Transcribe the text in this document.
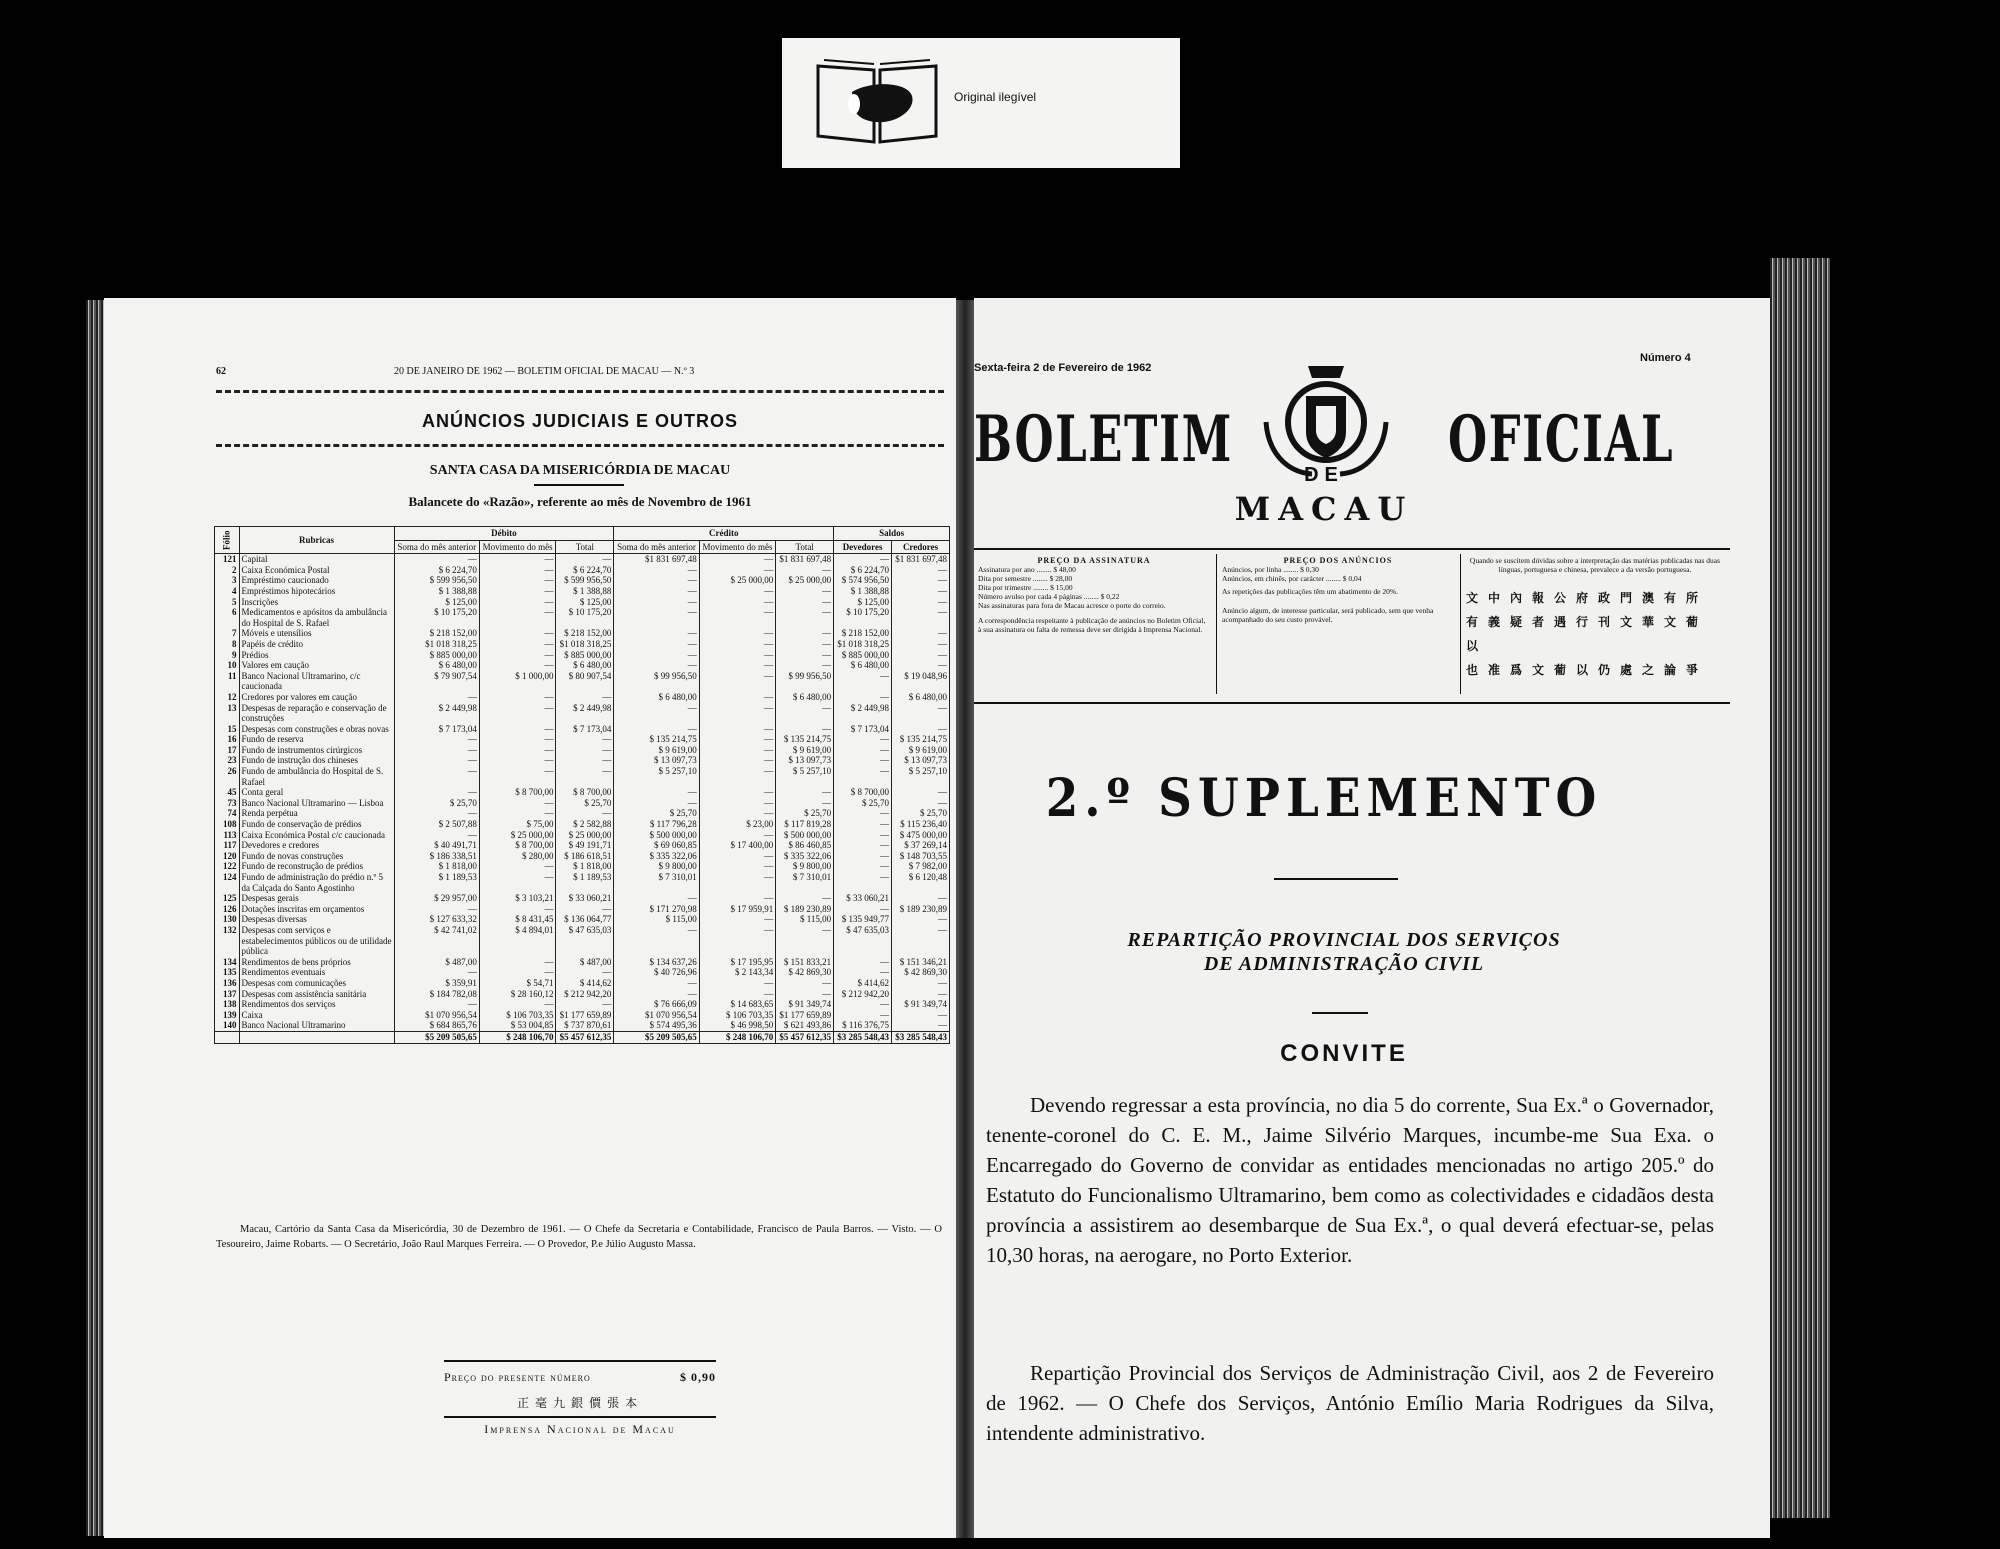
Original ilegível
62	20 DE JANEIRO DE 1962 — BOLETIM OFICIAL DE MACAU — N.º 3
ANÚNCIOS JUDICIAIS E OUTROS
SANTA CASA DA MISERICÓRDIA DE MACAU
Balancete do «Razão», referente ao mês de Novembro de 1961
Fólio	Rubricas	Débito			Crédito			Saldos	
		Soma do mês anterior	Movimento do mês	Total	Soma do mês anterior	Movimento do mês	Total	Devedores	Credores
121	Capital	—	—	—	$1 831 697,48	—	$1 831 697,48	—	$1 831 697,48
2	Caixa Económica Postal	$ 6 224,70	—	$ 6 224,70	—	—	—	$ 6 224,70	—
3	Empréstimo caucionado	$ 599 956,50	—	$ 599 956,50	—	$ 25 000,00	$ 25 000,00	$ 574 956,50	—
4	Empréstimos hipotecários	$ 1 388,88	—	$ 1 388,88	—	—	—	$ 1 388,88	—
5	Inscrições	$ 125,00	—	$ 125,00	—	—	—	$ 125,00	—
6	Medicamentos e apósitos da ambulância do Hospital de S. Rafael	$ 10 175,20	—	$ 10 175,20	—	—	—	$ 10 175,20	—
7	Móveis e utensílios	$ 218 152,00	—	$ 218 152,00	—	—	—	$ 218 152,00	—
8	Papéis de crédito	$1 018 318,25	—	$1 018 318,25	—	—	—	$1 018 318,25	—
9	Prédios	$ 885 000,00	—	$ 885 000,00	—	—	—	$ 885 000,00	—
10	Valores em caução	$ 6 480,00	—	$ 6 480,00	—	—	—	$ 6 480,00	—
11	Banco Nacional Ultramarino, c/c caucionada	$ 79 907,54	$ 1 000,00	$ 80 907,54	$ 99 956,50	—	$ 99 956,50	—	$ 19 048,96
12	Credores por valores em caução	—	—	—	$ 6 480,00	—	$ 6 480,00	—	$ 6 480,00
13	Despesas de reparação e conservação de construções	$ 2 449,98	—	$ 2 449,98	—	—	—	$ 2 449,98	—
15	Despesas com construções e obras novas	$ 7 173,04	—	$ 7 173,04	—	—	—	$ 7 173,04	—
16	Fundo de reserva	—	—	—	$ 135 214,75	—	$ 135 214,75	—	$ 135 214,75
17	Fundo de instrumentos cirúrgicos	—	—	—	$ 9 619,00	—	$ 9 619,00	—	$ 9 619,00
23	Fundo de instrução dos chineses	—	—	—	$ 13 097,73	—	$ 13 097,73	—	$ 13 097,73
26	Fundo de ambulância do Hospital de S. Rafael	—	—	—	$ 5 257,10	—	$ 5 257,10	—	$ 5 257,10
45	Conta geral	—	$ 8 700,00	$ 8 700,00	—	—	—	$ 8 700,00	—
73	Banco Nacional Ultramarino — Lisboa	$ 25,70	—	$ 25,70	—	—	—	$ 25,70	—
74	Renda perpétua	—	—	—	$ 25,70	—	$ 25,70	—	$ 25,70
108	Fundo de conservação de prédios	$ 2 507,88	$ 75,00	$ 2 582,88	$ 117 796,28	$ 23,00	$ 117 819,28	—	$ 115 236,40
113	Caixa Económica Postal c/c caucionada	—	$ 25 000,00	$ 25 000,00	$ 500 000,00	—	$ 500 000,00	—	$ 475 000,00
117	Devedores e credores	$ 40 491,71	$ 8 700,00	$ 49 191,71	$ 69 060,85	$ 17 400,00	$ 86 460,85	—	$ 37 269,14
120	Fundo de novas construções	$ 186 338,51	$ 280,00	$ 186 618,51	$ 335 322,06	—	$ 335 322,06	—	$ 148 703,55
122	Fundo de reconstrução de prédios	$ 1 818,00	—	$ 1 818,00	$ 9 800,00	—	$ 9 800,00	—	$ 7 982,00
124	Fundo de administração do prédio n.º 5 da Calçada do Santo Agostinho	$ 1 189,53	—	$ 1 189,53	$ 7 310,01	—	$ 7 310,01	—	$ 6 120,48
125	Despesas gerais	$ 29 957,00	$ 3 103,21	$ 33 060,21	—	—	—	$ 33 060,21	—
126	Dotações inscritas em orçamentos	—	—	—	$ 171 270,98	$ 17 959,91	$ 189 230,89	—	$ 189 230,89
130	Despesas diversas	$ 127 633,32	$ 8 431,45	$ 136 064,77	$ 115,00	—	$ 115,00	$ 135 949,77	—
132	Despesas com serviços e estabelecimentos públicos ou de utilidade pública	$ 42 741,02	$ 4 894,01	$ 47 635,03	—	—	—	$ 47 635,03	—
134	Rendimentos de bens próprios	$ 487,00	—	$ 487,00	$ 134 637,26	$ 17 195,95	$ 151 833,21	—	$ 151 346,21
135	Rendimentos eventuais	—	—	—	$ 40 726,96	$ 2 143,34	$ 42 869,30	—	$ 42 869,30
136	Despesas com comunicações	$ 359,91	$ 54,71	$ 414,62	—	—	—	$ 414,62	—
137	Despesas com assistência sanitária	$ 184 782,08	$ 28 160,12	$ 212 942,20	—	—	—	$ 212 942,20	—
138	Rendimentos dos serviços	—	—	—	$ 76 666,09	$ 14 683,65	$ 91 349,74	—	$ 91 349,74
139	Caixa	$1 070 956,54	$ 106 703,35	$1 177 659,89	$1 070 956,54	$ 106 703,35	$1 177 659,89	—	—
140	Banco Nacional Ultramarino	$ 684 865,76	$ 53 004,85	$ 737 870,61	$ 574 495,36	$ 46 998,50	$ 621 493,86	$ 116 376,75	—
		$5 209 505,65	$ 248 106,70	$5 457 612,35	$5 209 505,65	$ 248 106,70	$5 457 612,35	$3 285 548,43	$3 285 548,43
Macau, Cartório da Santa Casa da Misericórdia, 30 de Dezembro de 1961. — O Chefe da Secretaria e Contabilidade, Francisco de Paula Barros. — Visto. — O Tesoureiro, Jaime Robarts. — O Secretário, João Raul Marques Ferreira. — O Provedor, P.e Júlio Augusto Massa.
Preço do presente número	$ 0,90
正毫九銀價張本
Imprensa Nacional de Macau
Sexta-feira 2 de Fevereiro de 1962
Número 4
BOLETIM	OFICIAL
DE
MACAU
PREÇO DA ASSINATURA
Assinatura por ano ........ $ 48,00
Dita por semestre ........ $ 28,00
Dita por trimestre ........ $ 15,00
Número avulso por cada 4 páginas ........ $ 0,22
Nas assinaturas para fora de Macau acresce o porte do correio.
A correspondência respeitante à publicação de anúncios no Boletim Oficial, à sua assinatura ou falta de remessa deve ser dirigida à Imprensa Nacional.
PREÇO DOS ANÚNCIOS
Anúncios, por linha ........ $ 0,30
Anúncios, em chinês, por carácter ........ $ 0,04
As repetições das publicações têm um abatimento de 20%.
Anúncio algum, de interesse particular, será publicado, sem que venha acompanhado do seu custo provável.
Quando se suscitem dúvidas sobre a interpretação das matérias publicadas nas duas línguas, portuguesa e chinesa, prevalece a da versão portuguesa.
文中內報公府政門澳有所
有義疑者遇行刊文華文葡以
也准爲文葡以仍處之論爭
2.º SUPLEMENTO
REPARTIÇÃO PROVINCIAL DOS SERVIÇOS
DE ADMINISTRAÇÃO CIVIL
CONVITE
Devendo regressar a esta província, no dia 5 do corrente, Sua Ex.ª o Governador, tenente-coronel do C. E. M., Jaime Silvério Marques, incumbe-me Sua Exa. o Encarregado do Governo de convidar as entidades mencionadas no artigo 205.º do Estatuto do Funcionalismo Ultramarino, bem como as colectividades e cidadãos desta província a assistirem ao desembarque de Sua Ex.ª, o qual deverá efectuar-se, pelas 10,30 horas, na aerogare, no Porto Exterior.
Repartição Provincial dos Serviços de Administração Civil, aos 2 de Fevereiro de 1962. — O Chefe dos Serviços, António Emílio Maria Rodrigues da Silva, intendente administrativo.
